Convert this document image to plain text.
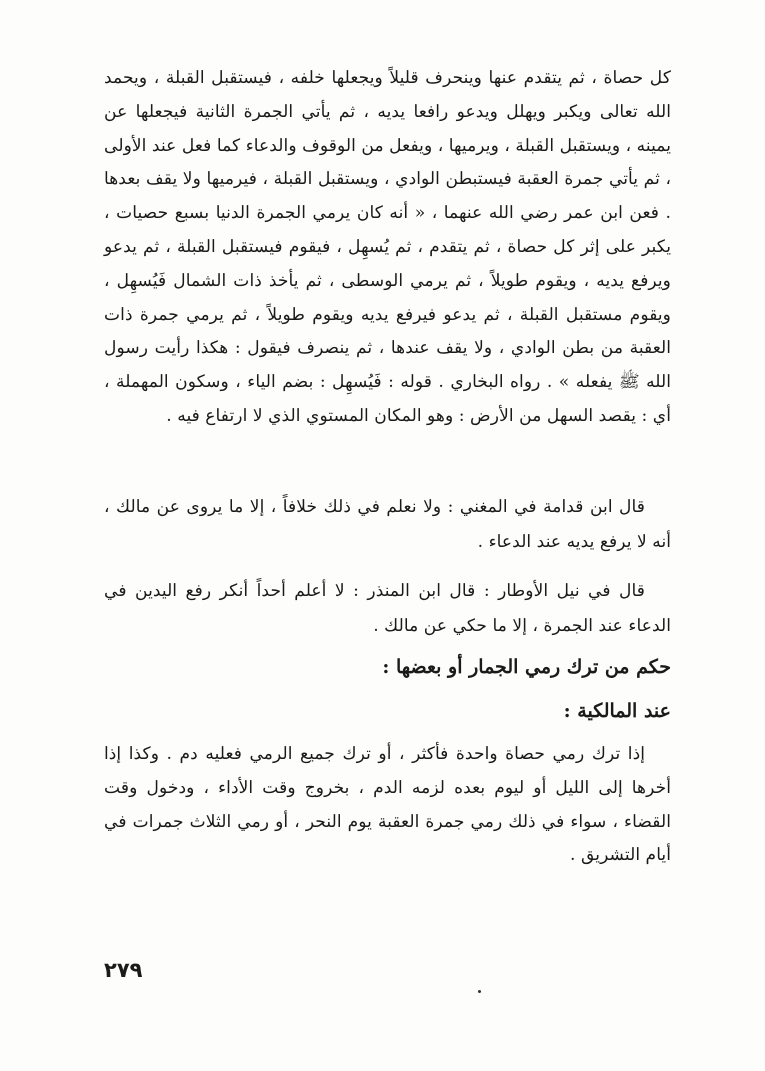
كل حصاة ، ثم يتقدم عنها وينحرف قليلاً ويجعلها خلفه ، فيستقبل القبلة ، ويحمد الله تعالى ويكبر ويهلل ويدعو رافعا يديه ، ثم يأتي الجمرة الثانية فيجعلها عن يمينه ، ويستقبل القبلة ، ويرميها ، ويفعل من الوقوف والدعاء كما فعل عند الأولى ، ثم يأتي جمرة العقبة فيستبطن الوادي ، ويستقبل القبلة ، فيرميها ولا يقف بعدها . فعن ابن عمر رضي الله عنهما ، « أنه كان يرمي الجمرة الدنيا بسبع حصيات ، يكبر على إثر كل حصاة ، ثم يتقدم ، ثم يُسهِل ، فيقوم فيستقبل القبلة ، ثم يدعو ويرفع يديه ، ويقوم طويلاً ، ثم يرمي الوسطى ، ثم يأخذ ذات الشمال فَيُسهِل ، ويقوم مستقبل القبلة ، ثم يدعو فيرفع يديه ويقوم طويلاً ، ثم يرمي جمرة ذات العقبة من بطن الوادي ، ولا يقف عندها ، ثم ينصرف فيقول : هكذا رأيت رسول الله ﷺ يفعله » . رواه البخاري . قوله : فَيُسهِل : بضم الياء ، وسكون المهملة ، أي : يقصد السهل من الأرض : وهو المكان المستوي الذي لا ارتفاع فيه .
قال ابن قدامة في المغني : ولا نعلم في ذلك خلافاً ، إلا ما يروى عن مالك ، أنه لا يرفع يديه عند الدعاء .
قال في نيل الأوطار : قال ابن المنذر : لا أعلم أحداً أنكر رفع اليدين في الدعاء عند الجمرة ، إلا ما حكي عن مالك .
حكم من ترك رمي الجمار أو بعضها :
عند المالكية :
إذا ترك رمي حصاة واحدة فأكثر ، أو ترك جميع الرمي فعليه دم . وكذا إذا أخرها إلى الليل أو ليوم بعده لزمه الدم ، بخروج وقت الأداء ، ودخول وقت القضاء ، سواء في ذلك رمي جمرة العقبة يوم النحر ، أو رمي الثلاث جمرات في أيام التشريق .
٢٧٩
